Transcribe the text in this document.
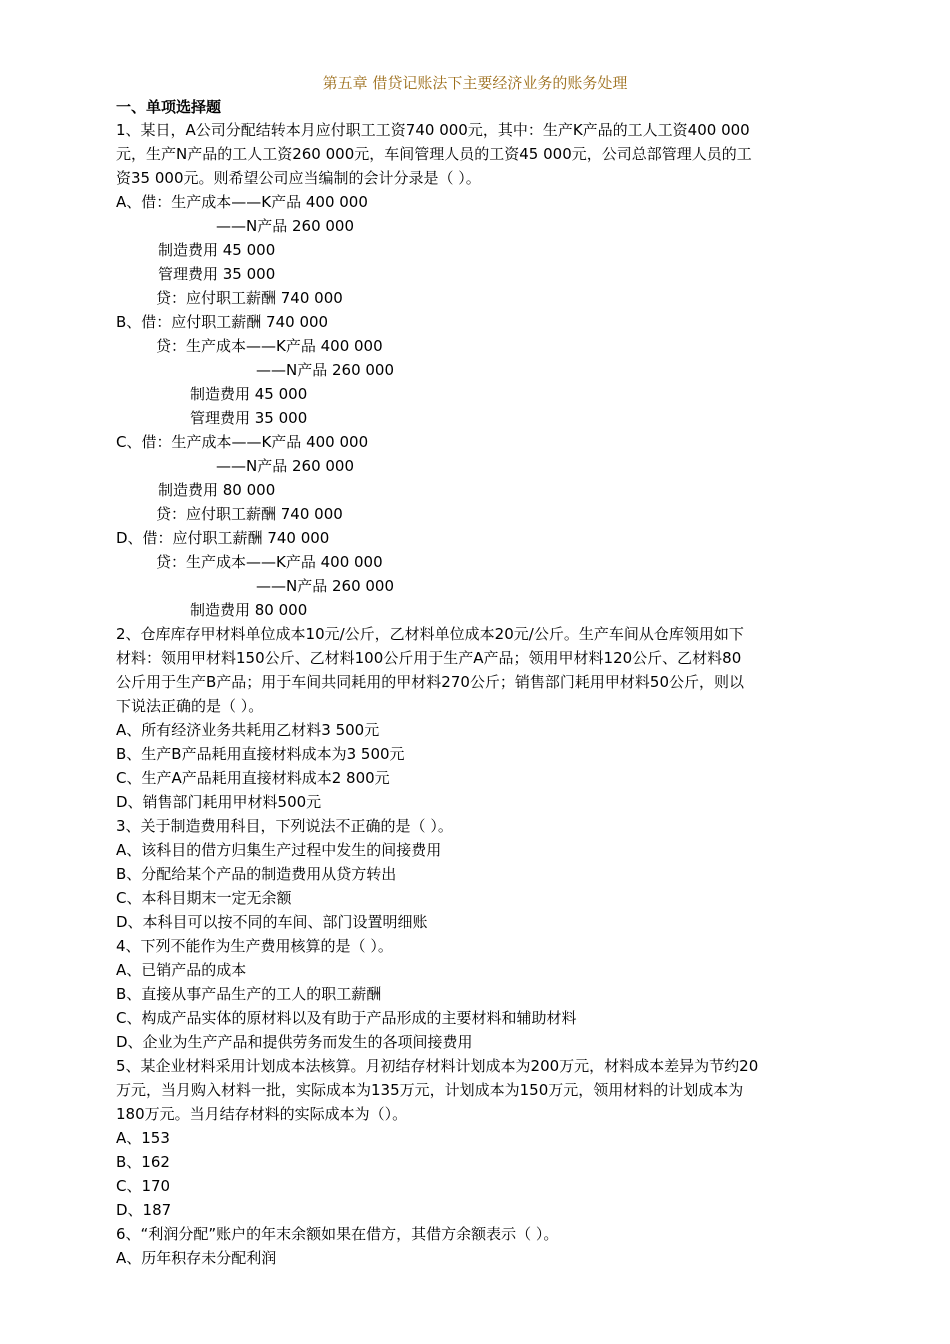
第五章 借贷记账法下主要经济业务的账务处理
一、单项选择题
1、某日，A公司分配结转本月应付职工工资740 000元，其中：生产K产品的工人工资400 000
元，生产N产品的工人工资260 000元，车间管理人员的工资45 000元，公司总部管理人员的工
资35 000元。则希望公司应当编制的会计分录是（ ）。
A、借：生产成本——K产品 400 000
——N产品 260 000
制造费用 45 000
管理费用 35 000
贷：应付职工薪酬 740 000
B、借：应付职工薪酬 740 000
贷：生产成本——K产品 400 000
——N产品 260 000
制造费用 45 000
管理费用 35 000
C、借：生产成本——K产品 400 000
——N产品 260 000
制造费用 80 000
贷：应付职工薪酬 740 000
D、借：应付职工薪酬 740 000
贷：生产成本——K产品 400 000
——N产品 260 000
制造费用 80 000
2、仓库库存甲材料单位成本10元/公斤，乙材料单位成本20元/公斤。生产车间从仓库领用如下
材料：领用甲材料150公斤、乙材料100公斤用于生产A产品；领用甲材料120公斤、乙材料80
公斤用于生产B产品；用于车间共同耗用的甲材料270公斤；销售部门耗用甲材料50公斤，则以
下说法正确的是（ ）。
A、所有经济业务共耗用乙材料3 500元
B、生产B产品耗用直接材料成本为3 500元
C、生产A产品耗用直接材料成本2 800元
D、销售部门耗用甲材料500元
3、关于制造费用科目，下列说法不正确的是（ ）。
A、该科目的借方归集生产过程中发生的间接费用
B、分配给某个产品的制造费用从贷方转出
C、本科目期末一定无余额
D、本科目可以按不同的车间、部门设置明细账
4、下列不能作为生产费用核算的是（ ）。
A、已销产品的成本
B、直接从事产品生产的工人的职工薪酬
C、构成产品实体的原材料以及有助于产品形成的主要材料和辅助材料
D、企业为生产产品和提供劳务而发生的各项间接费用
5、某企业材料采用计划成本法核算。月初结存材料计划成本为200万元，材料成本差异为节约20
万元，当月购入材料一批，实际成本为135万元，计划成本为150万元，领用材料的计划成本为
180万元。当月结存材料的实际成本为（）。
A、153
B、162
C、170
D、187
6、“利润分配”账户的年末余额如果在借方，其借方余额表示（ ）。
A、历年积存未分配利润
